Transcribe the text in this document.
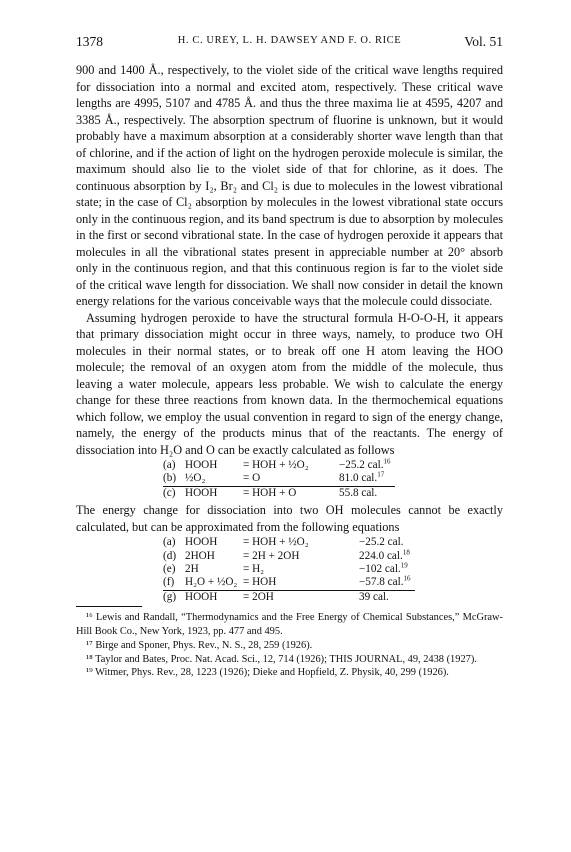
1378	H. C. UREY, L. H. DAWSEY AND F. O. RICE	Vol. 51

900 and 1400 Å., respectively, to the violet side of the critical wave lengths required for dissociation into a normal and excited atom, respectively. These critical wave lengths are 4995, 5107 and 4785 Å. and thus the three maxima lie at 4595, 4207 and 3385 Å., respectively. The absorption spectrum of fluorine is unknown, but it would probably have a maximum absorption at a considerably shorter wave length than that of chlorine, and if the action of light on the hydrogen peroxide molecule is similar, the maximum should also lie to the violet side of that for chlorine, as it does. The continuous absorption by I₂, Br₂ and Cl₂ is due to molecules in the lowest vibrational state; in the case of Cl₂ absorption by molecules in the lowest vibrational state occurs only in the continuous region, and its band spectrum is due to absorption by molecules in the first or second vibrational state. In the case of hydrogen peroxide it appears that molecules in all the vibrational states present in appreciable number at 20° absorb only in the continuous region, and that this continuous region is far to the violet side of the critical wave length for dissociation. We shall now consider in detail the known energy relations for the various conceivable ways that the molecule could dissociate.

Assuming hydrogen peroxide to have the structural formula H-O-O-H, it appears that primary dissociation might occur in three ways, namely, to produce two OH molecules in their normal states, or to break off one H atom leaving the HOO molecule; the removal of an oxygen atom from the middle of the molecule, thus leaving a water molecule, appears less probable. We wish to calculate the energy change for these three reactions from known data. In the thermochemical equations which follow, we employ the usual convention in regard to sign of the energy change, namely, the energy of the products minus that of the reactants. The energy of dissociation into H₂O and O can be exactly calculated as follows

(a)	HOOH	= HOH + ½O₂	−25.2 cal.$^{16}$
(b)	½O₂	= O	81.0 cal.$^{17}$
(c)	HOOH	= HOH + O	55.8 cal.

The energy change for dissociation into two OH molecules cannot be exactly calculated, but can be approximated from the following equations

(a)	HOOH	= HOH + ½O₂	−25.2 cal.
(d)	2HOH	= 2H + 2OH	224.0 cal.$^{18}$
(e)	2H	= H₂	−102 cal.$^{19}$
(f)	H₂O + ½O₂	= HOH	−57.8 cal.$^{16}$
(g)	HOOH	= 2OH	39 cal.

¹⁶ Lewis and Randall, “Thermodynamics and the Free Energy of Chemical Substances,” McGraw-Hill Book Co., New York, 1923, pp. 477 and 495.

¹⁷ Birge and Sponer, Phys. Rev., N. S., 28, 259 (1926).

¹⁸ Taylor and Bates, Proc. Nat. Acad. Sci., 12, 714 (1926); THIS JOURNAL, 49, 2438 (1927).

¹⁹ Witmer, Phys. Rev., 28, 1223 (1926); Dieke and Hopfield, Z. Physik, 40, 299 (1926).
